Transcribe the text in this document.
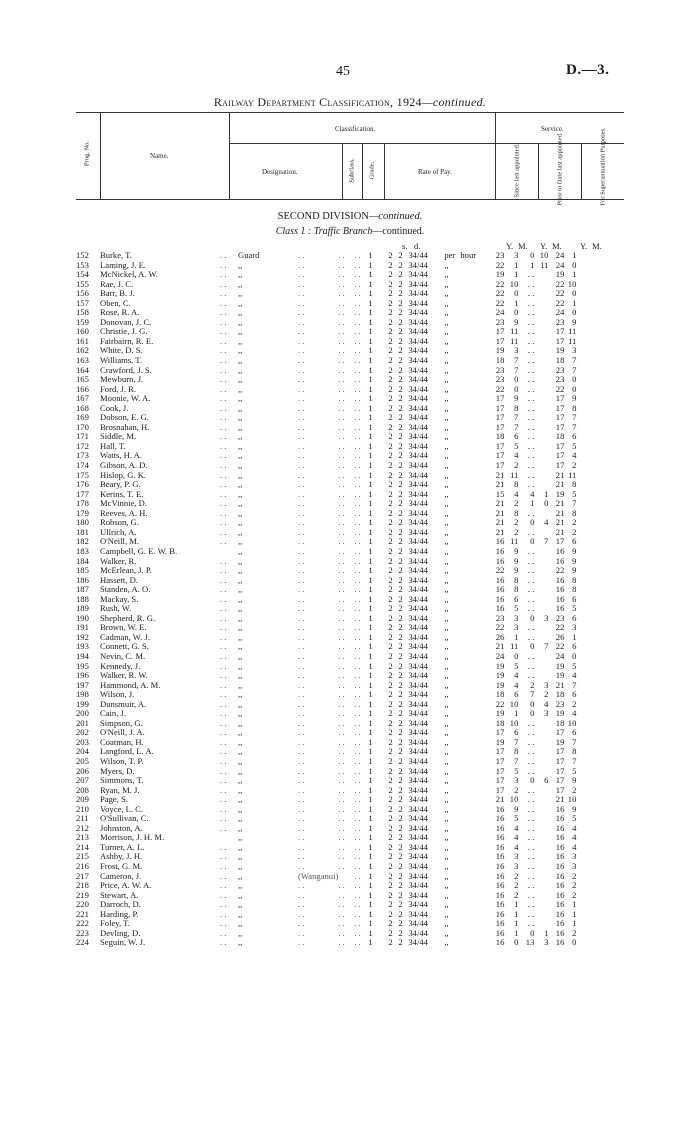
45	D.—3.
Railway Department Classification, 1924—continued.
Prog. No.	Name.
Classification.
Designation.	Subclass. Grade.	Rate of Pay.
Service.
Since last appointed.	Prior to Date last appointed.	For Superannuation Purposes.
SECOND DIVISION—continued.
Class 1 : Traffic Branch—continued.
s. d.	Y. M. Y. M. Y. M.
152	Burke, T.	. .	Guard	. .	. .	. .	1	2	2	34/44	per	hour	23	3	0	10	24	1
153	Laming, J. E.	. .	,,	. .	. .	. .	1	2	2	34/44	,,		22	1	1	11	24	0
154	McNickel, A. W.	. .	,,	. .	. .	. .	1	2	2	34/44	,,		19	1	. .		19	1
155	Rae, J. C.	. .	,,	. .	. .	. .	1	2	2	34/44	,,		22	10	. .		22	10
156	Barr, B. J.	. .	,,	. .	. .	. .	1	2	2	34/44	,,		22	0	. .		22	0
157	Oben, C.	. .	,,	. .	. .	. .	1	2	2	34/44	,,		22	1	. .		22	1
158	Rose, R. A.	. .	,,	. .	. .	. .	1	2	2	34/44	,,		24	0	. .		24	0
159	Donovan, J. C.	. .	,,	. .	. .	. .	1	2	2	34/44	,,		23	9	. .		23	9
160	Christie, J. G.	. .	,,	. .	. .	. .	1	2	2	34/44	,,		17	11	. .		17	11
161	Fairbairn, R. E.	. .	,,	. .	. .	. .	1	2	2	34/44	,,		17	11	. .		17	11
162	White, D. S.	. .	,,	. .	. .	. .	1	2	2	34/44	,,		19	3	. .		19	3
163	Williams, T.	. .	,,	. .	. .	. .	1	2	2	34/44	,,		18	7	. .		18	7
164	Crawford, J. S.	. .	,,	. .	. .	. .	1	2	2	34/44	,,		23	7	. .		23	7
165	Mewburn, J.	. .	,,	. .	. .	. .	1	2	2	34/44	,,		23	0	. .		23	0
166	Ford, J. R.	. .	,,	. .	. .	. .	1	2	2	34/44	,,		22	0	. .		22	0
167	Moonie, W. A.	. .	,,	. .	. .	. .	1	2	2	34/44	,,		17	9	. .		17	9
168	Cook, J.	. .	,,	. .	. .	. .	1	2	2	34/44	,,		17	8	. .		17	8
169	Dobson, E. G.	. .	,,	. .	. .	. .	1	2	2	34/44	,,		17	7	. .		17	7
170	Brosnahan, H.	. .	,,	. .	. .	. .	1	2	2	34/44	,,		17	7	. .		17	7
171	Siddle, M.	. .	,,	. .	. .	. .	1	2	2	34/44	,,		18	6	. .		18	6
172	Hall, T.	. .	,,	. .	. .	. .	1	2	2	34/44	,,		17	5	. .		17	5
173	Watts, H. A.	. .	,,	. .	. .	. .	1	2	2	34/44	,,		17	4	. .		17	4
174	Gibson, A. D.	. .	,,	. .	. .	. .	1	2	2	34/44	,,		17	2	. .		17	2
175	Hislop, G. K.	. .	,,	. .	. .	. .	1	2	2	34/44	,,		21	11	. .		21	11
176	Beary, P. G.	. .	,,	. .	. .	. .	1	2	2	34/44	,,		21	8	. .		21	8
177	Kerins, T. E.	. .	,,	. .	. .	. .	1	2	2	34/44	,,		15	4	4	1	19	5
178	McVinnie, D.	. .	,,	. .	. .	. .	1	2	2	34/44	,,		21	2	1	0	21	7
179	Reeves, A. H.	. .	,,	. .	. .	. .	1	2	2	34/44	,,		21	8	. .		21	8
180	Robson, G.	. .	,,	. .	. .	. .	1	2	2	34/44	,,		21	2	0	4	21	2
181	Ullrich, A.	. .	,,	. .	. .	. .	1	2	2	34/44	,,		21	2	. .		21	2
182	O'Neill, M.	. .	,,	. .	. .	. .	1	2	2	34/44	,,		16	11	0	7	17	6
183	Campbell, G. E. W. B.		,,	. .	. .	. .	1	2	2	34/44	,,		16	9	. .		16	9
184	Walker, R.	. .	,,	. .	. .	. .	1	2	2	34/44	,,		16	9	. .		16	9
185	McErlean, J. P.	. .	,,	. .	. .	. .	1	2	2	34/44	,,		22	9	. .		22	9
186	Hassett, D.	. .	,,	. .	. .	. .	1	2	2	34/44	,,		16	8	. .		16	8
187	Standen, A. O.	. .	,,	. .	. .	. .	1	2	2	34/44	,,		16	8	. .		16	8
188	Mackay, S.	. .	,,	. .	. .	. .	1	2	2	34/44	,,		16	6	. .		16	6
189	Rush, W.	. .	,,	. .	. .	. .	1	2	2	34/44	,,		16	5	. .		16	5
190	Shepherd, R. G.	. .	,,	. .	. .	. .	1	2	2	34/44	,,		23	3	0	3	23	6
191	Brown, W. E.	. .	,,	. .	. .	. .	1	2	2	34/44	,,		22	3	. .		22	3
192	Cadman, W. J.	. .	,,	. .	. .	. .	1	2	2	34/44	,,		26	1	. .		26	1
193	Connett, G. S.	. .	,,	. .	. .	. .	1	2	2	34/44	,,		21	11	0	7	22	6
194	Nevin, C. M.	. .	,,	. .	. .	. .	1	2	2	34/44	,,		24	0	. .		24	0
195	Kennedy, J.	. .	,,	. .	. .	. .	1	2	2	34/44	,,		19	5	. .		19	5
196	Walker, R. W.	. .	,,	. .	. .	. .	1	2	2	34/44	,,		19	4	. .		19	4
197	Hammond, A. M.	. .	,,	. .	. .	. .	1	2	2	34/44	,,		19	4	2	3	21	7
198	Wilson, J.	. .	,,	. .	. .	. .	1	2	2	34/44	,,		18	6	7	2	18	6
199	Dunsmuir, A.	. .	,,	. .	. .	. .	1	2	2	34/44	,,		22	10	0	4	23	2
200	Cain, J.	. .	,,	. .	. .	. .	1	2	2	34/44	,,		19	1	0	3	19	4
201	Simpson, G.	. .	,,	. .	. .	. .	1	2	2	34/44	,,		18	10	. .		18	10
202	O'Neill, J. A.	. .	,,	. .	. .	. .	1	2	2	34/44	,,		17	6	. .		17	6
203	Coatman, H.	. .	,,	. .	. .	. .	1	2	2	34/44	,,		19	7	. .		19	7
204	Langford, L. A.	. .	,,	. .	. .	. .	1	2	2	34/44	,,		17	8	. .		17	8
205	Wilson, T. P.	. .	,,	. .	. .	. .	1	2	2	34/44	,,		17	7	. .		17	7
206	Myers, D.	. .	,,	. .	. .	. .	1	2	2	34/44	,,		17	5	. .		17	5
207	Simmons, T.	. .	,,	. .	. .	. .	1	2	2	34/44	,,		17	3	0	6	17	9
208	Ryan, M. J.	. .	,,	. .	. .	. .	1	2	2	34/44	,,		17	2	. .		17	2
209	Page, S.	. .	,,	. .	. .	. .	1	2	2	34/44	,,		21	10	. .		21	10
210	Voyce, L. C.	. .	,,	. .	. .	. .	1	2	2	34/44	,,		16	9	. .		16	9
211	O'Sullivan, C.	. .	,,	. .	. .	. .	1	2	2	34/44	,,		16	5	. .		16	5
212	Johnston, A.	. .	,,	. .	. .	. .	1	2	2	34/44	,,		16	4	. .		16	4
213	Morrison, J. H. M.		,,	. .	. .	. .	1	2	2	34/44	,,		16	4	. .		16	4
214	Turner, A. L.	. .	,,	. .	. .	. .	1	2	2	34/44	,,		16	4	. .		16	4
215	Ashby, J. H.	. .	,,	. .	. .	. .	1	2	2	34/44	,,		16	3	. .		16	3
216	Frost, G. M.	. .	,,	. .	. .	. .	1	2	2	34/44	,,		16	3	. .		16	3
217	Cameron, J.	. .	,,	(Wanganui)		. .	1	2	2	34/44	,,		16	2	. .		16	2
218	Price, A. W. A.	. .	,,	. .	. .	. .	1	2	2	34/44	,,		16	2	. .		16	2
219	Stewart, A.	. .	,,	. .	. .	. .	1	2	2	34/44	,,		16	2	. .		16	2
220	Darroch, D.	. .	,,	. .	. .	. .	1	2	2	34/44	,,		16	1	. .		16	1
221	Harding, P.	. .	,,	. .	. .	. .	1	2	2	34/44	,,		16	1	. .		16	1
222	Foley, T.	. .	,,	. .	. .	. .	1	2	2	34/44	,,		16	1	. .		16	1
223	Devling, D.	. .	,,	. .	. .	. .	1	2	2	34/44	,,		16	1	0	1	16	2
224	Seguin, W. J.	. .	,,	. .	. .	. .	1	2	2	34/44	,,		16	0	13	3	16	0
